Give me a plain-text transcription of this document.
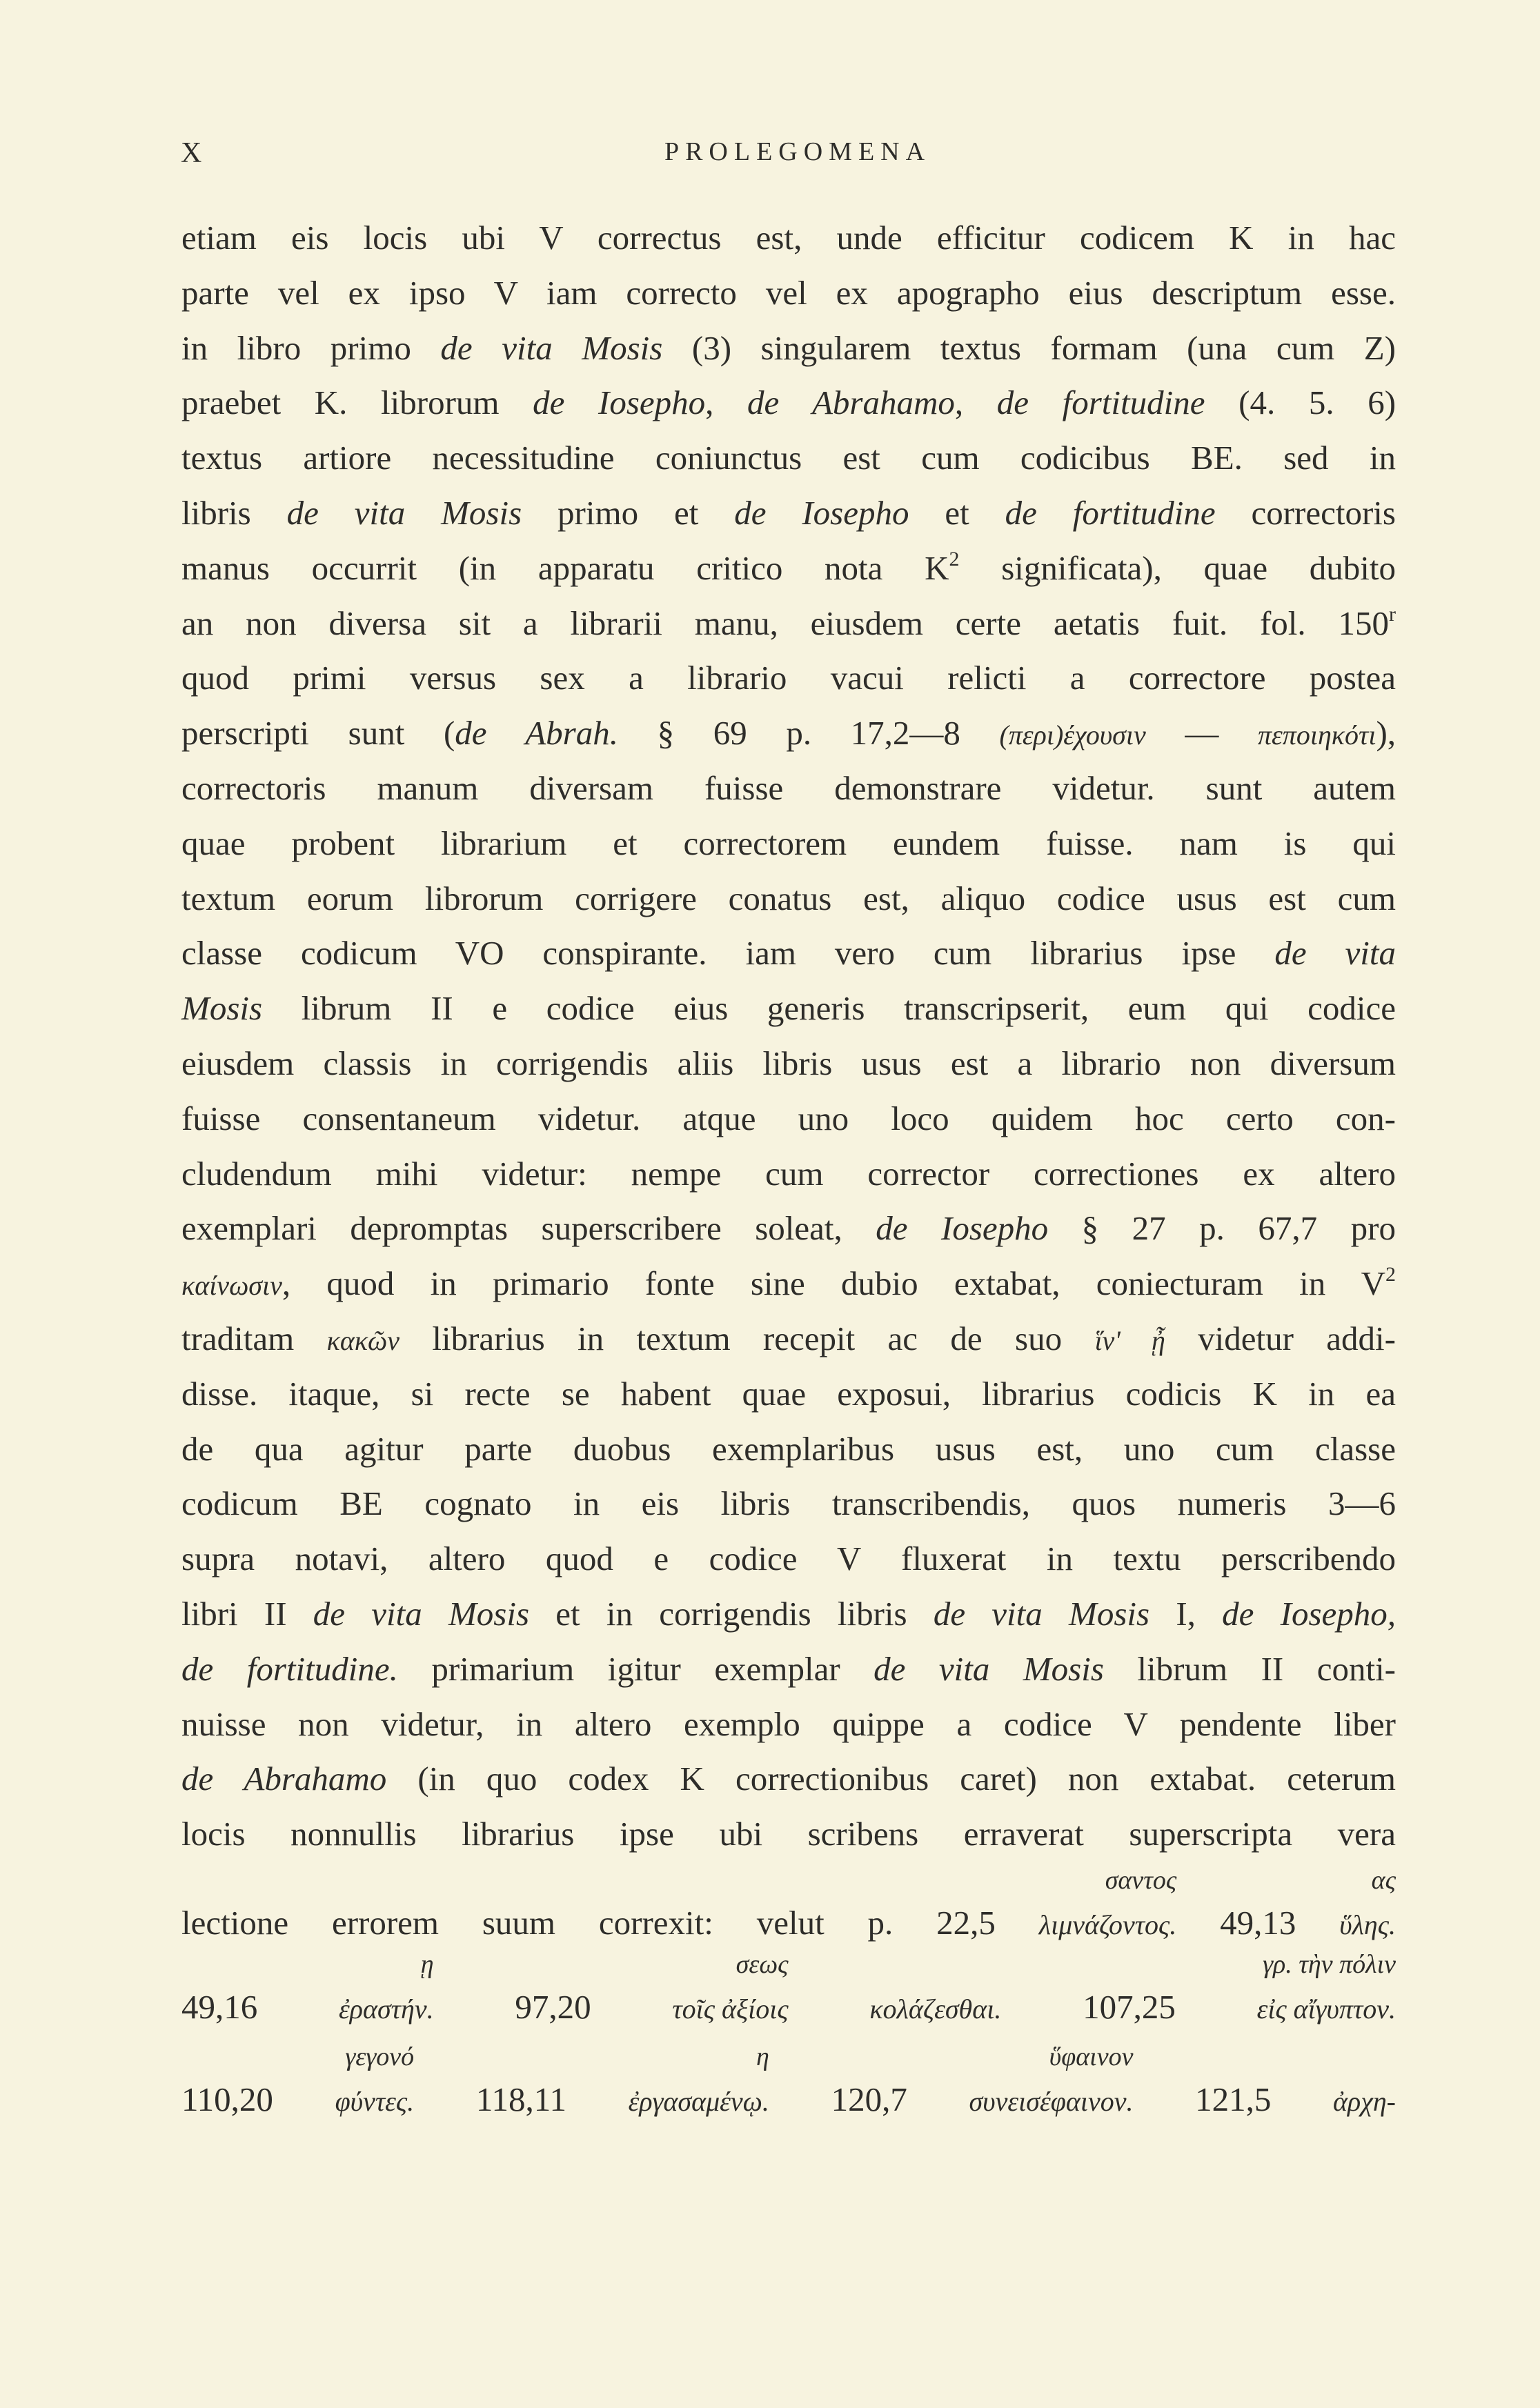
X	PROLEGOMENA
etiam eis locis ubi V correctus est, unde efficitur codicem K in hac
parte vel ex ipso V iam correcto vel ex apographo eius descriptum esse.
in libro primo de vita Mosis (3) singularem textus formam (una cum Z)
praebet K. librorum de Iosepho, de Abrahamo, de fortitudine (4. 5. 6)
textus artiore necessitudine coniunctus est cum codicibus BE. sed in
libris de vita Mosis primo et de Iosepho et de fortitudine correctoris
manus occurrit (in apparatu critico nota $K^2$ significata), quae dubito
an non diversa sit a librarii manu, eiusdem certe aetatis fuit. fol. 150$^r$
quod primi versus sex a librario vacui relicti a correctore postea
perscripti sunt (de Abrah. § 69 p. 17,2—8 (περι)έχουσιν — πεποιηκότι),
correctoris manum diversam fuisse demonstrare videtur. sunt autem
quae probent librarium et correctorem eundem fuisse. nam is qui
textum eorum librorum corrigere conatus est, aliquo codice usus est cum
classe codicum VO conspirante. iam vero cum librarius ipse de vita
Mosis librum II e codice eius generis transcripserit, eum qui codice
eiusdem classis in corrigendis aliis libris usus est a librario non diversum
fuisse consentaneum videtur. atque uno loco quidem hoc certo con-
cludendum mihi videtur: nempe cum corrector correctiones ex altero
exemplari depromptas superscribere soleat, de Iosepho § 27 p. 67,7 pro
καίνωσιν, quod in primario fonte sine dubio extabat, coniecturam in $V^2$
traditam κακῶν librarius in textum recepit ac de suo ἵν' ᾖ videtur addi-
disse. itaque, si recte se habent quae exposui, librarius codicis K in ea
de qua agitur parte duobus exemplaribus usus est, uno cum classe
codicum BE cognato in eis libris transcribendis, quos numeris 3—6
supra notavi, altero quod e codice V fluxerat in textu perscribendo
libri II de vita Mosis et in corrigendis libris de vita Mosis I, de Iosepho,
de fortitudine. primarium igitur exemplar de vita Mosis librum II conti-
nuisse non videtur, in altero exemplo quippe a codice V pendente liber
de Abrahamo (in quo codex K correctionibus caret) non extabat. ceterum
locis nonnullis librarius ipse ubi scribens erraverat superscripta vera
lectione errorem suum correxit: velut p. 22,5 λιμνάζοντος.
σαντος
49,13 ὕλης.
ας
49,16 ἐραστήν.
ῃ
97,20 τοῖς ἀξίοις
σεως
κολάζεσθαι. 107,25 εἰς αἴγυπτον.
γρ. τὴν πόλιν
110,20 φύντες.
γεγονό
118,11 ἐργασαμένῳ.
η
120,7 συνεισέφαινον.
ὕφαινον
121,5 ἀρχη-
